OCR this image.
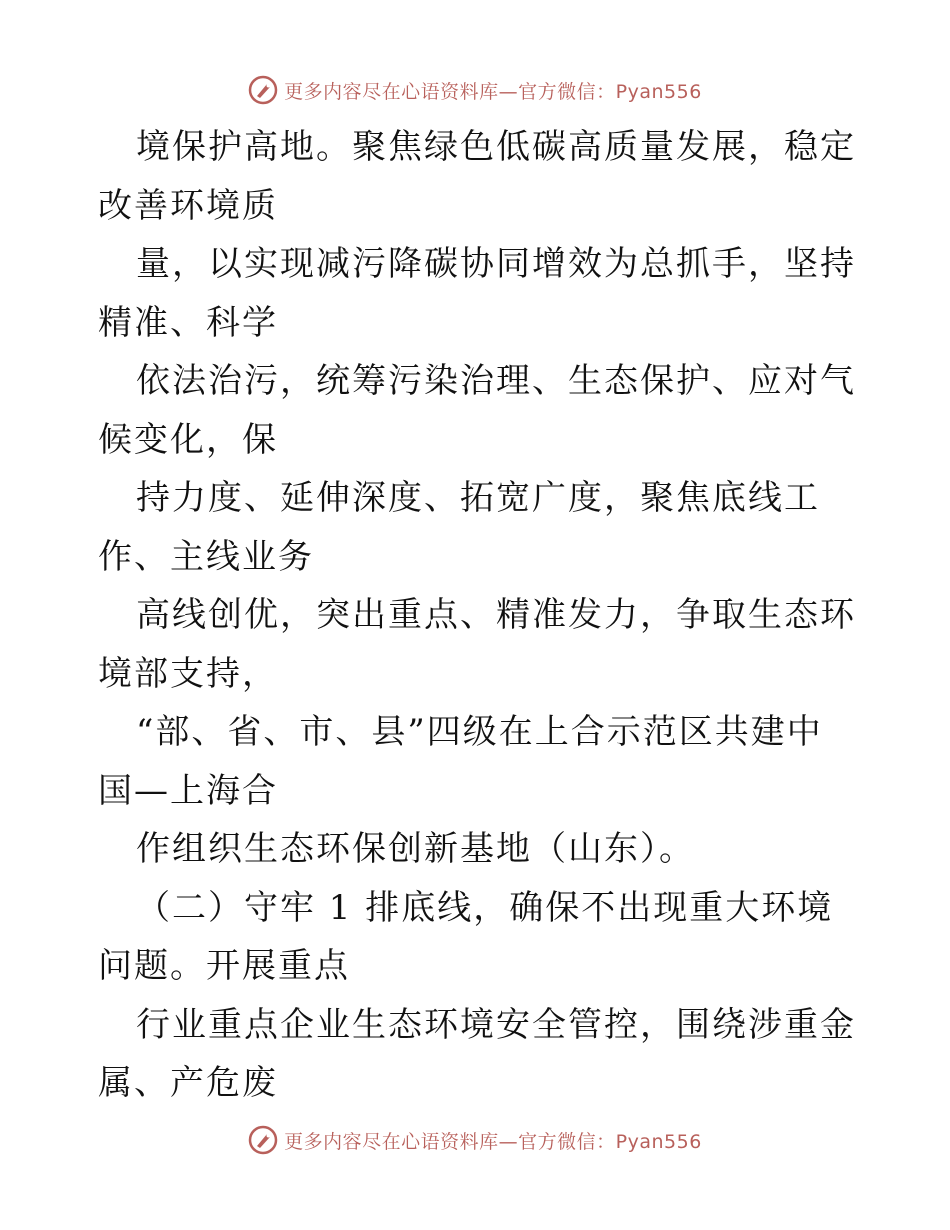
更多内容尽在心语资料库—官方微信：Pyan556

境保护高地。聚焦绿色低碳高质量发展，稳定改善环境质

量，以实现减污降碳协同增效为总抓手，坚持精准、科学

依法治污，统筹污染治理、生态保护、应对气候变化，保

持力度、延伸深度、拓宽广度，聚焦底线工作、主线业务

高线创优，突出重点、精准发力，争取生态环境部支持，

“部、省、市、县”四级在上合示范区共建中国—上海合

作组织生态环保创新基地（山东）。

（二）守牢 1 排底线，确保不出现重大环境问题。开展重点

行业重点企业生态环境安全管控，围绕涉重金属、产危废

更多内容尽在心语资料库—官方微信：Pyan556
